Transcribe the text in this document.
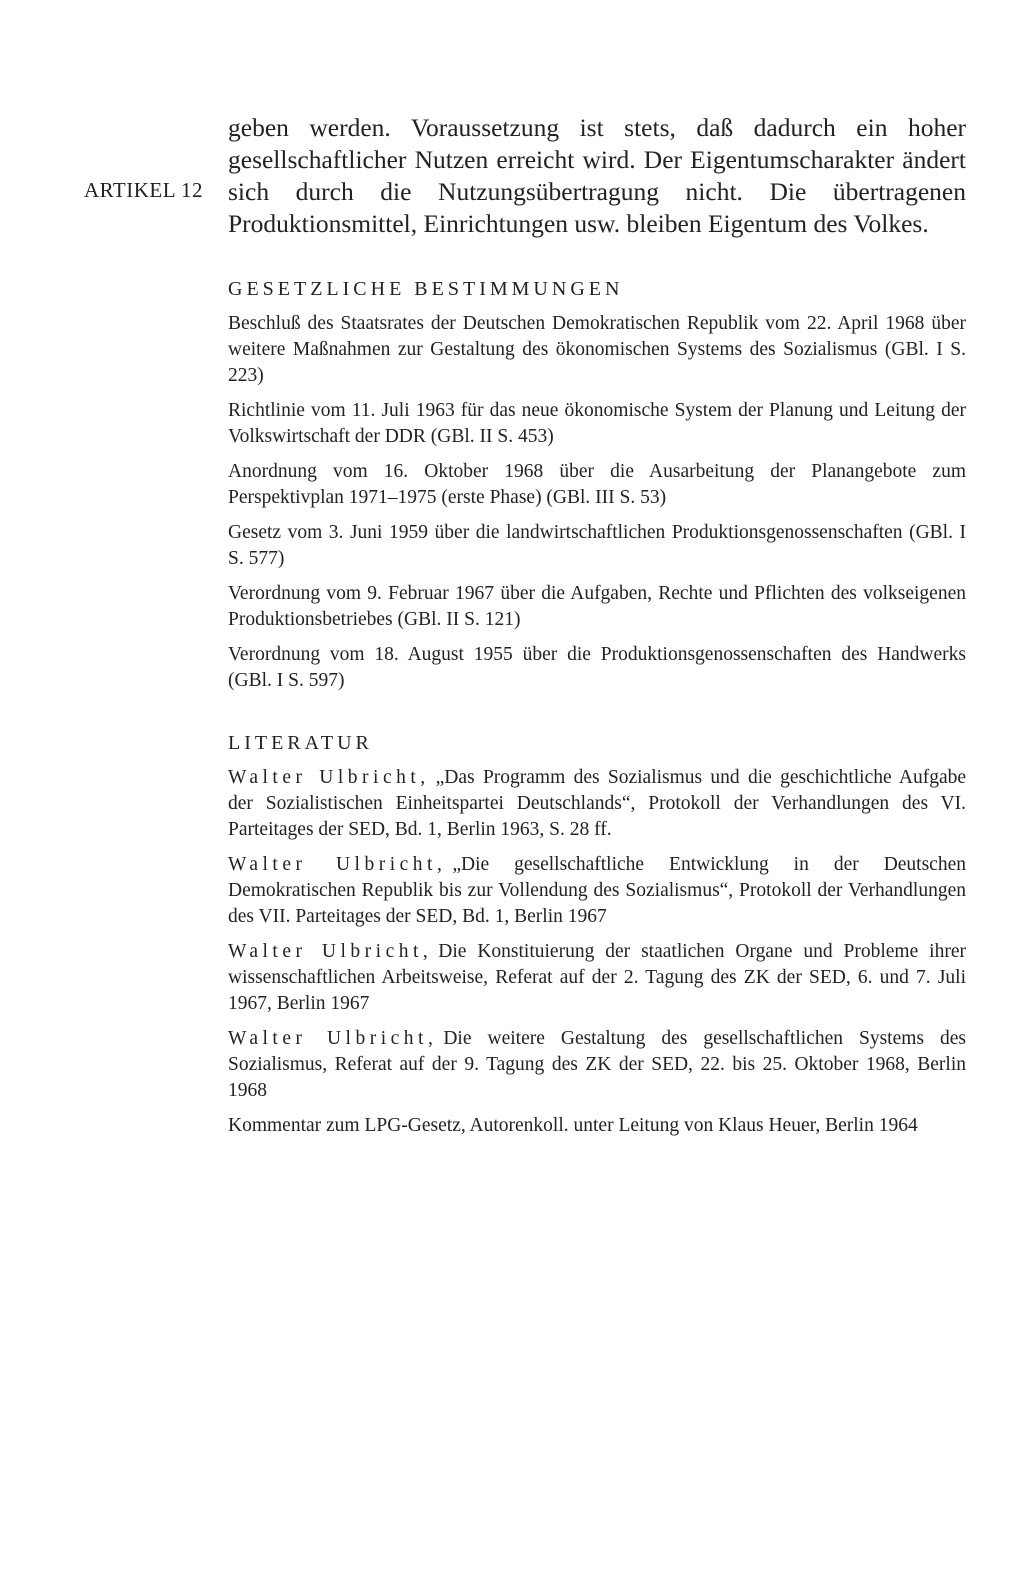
ARTIKEL 12

geben werden. Voraussetzung ist stets, daß dadurch ein hoher gesellschaftlicher Nutzen erreicht wird. Der Eigentumscharakter ändert sich durch die Nutzungsübertragung nicht. Die übertragenen Produktionsmittel, Einrichtungen usw. bleiben Eigentum des Volkes.

GESETZLICHE BESTIMMUNGEN
Beschluß des Staatsrates der Deutschen Demokratischen Republik vom 22. April 1968 über weitere Maßnahmen zur Gestaltung des ökonomischen Systems des Sozialismus (GBl. I S. 223)
Richtlinie vom 11. Juli 1963 für das neue ökonomische System der Planung und Leitung der Volkswirtschaft der DDR (GBl. II S. 453)
Anordnung vom 16. Oktober 1968 über die Ausarbeitung der Planangebote zum Perspektivplan 1971–1975 (erste Phase) (GBl. III S. 53)
Gesetz vom 3. Juni 1959 über die landwirtschaftlichen Produktionsgenossenschaften (GBl. I S. 577)
Verordnung vom 9. Februar 1967 über die Aufgaben, Rechte und Pflichten des volkseigenen Produktionsbetriebes (GBl. II S. 121)
Verordnung vom 18. August 1955 über die Produktionsgenossenschaften des Handwerks (GBl. I S. 597)
LITERATUR
Walter Ulbricht, „Das Programm des Sozialismus und die geschichtliche Aufgabe der Sozialistischen Einheitspartei Deutschlands“, Protokoll der Verhandlungen des VI. Parteitages der SED, Bd. 1, Berlin 1963, S. 28 ff.
Walter Ulbricht, „Die gesellschaftliche Entwicklung in der Deutschen Demokratischen Republik bis zur Vollendung des Sozialismus“, Protokoll der Verhandlungen des VII. Parteitages der SED, Bd. 1, Berlin 1967
Walter Ulbricht, Die Konstituierung der staatlichen Organe und Probleme ihrer wissenschaftlichen Arbeitsweise, Referat auf der 2. Tagung des ZK der SED, 6. und 7. Juli 1967, Berlin 1967
Walter Ulbricht, Die weitere Gestaltung des gesellschaftlichen Systems des Sozialismus, Referat auf der 9. Tagung des ZK der SED, 22. bis 25. Oktober 1968, Berlin 1968
Kommentar zum LPG-Gesetz, Autorenkoll. unter Leitung von Klaus Heuer, Berlin 1964
